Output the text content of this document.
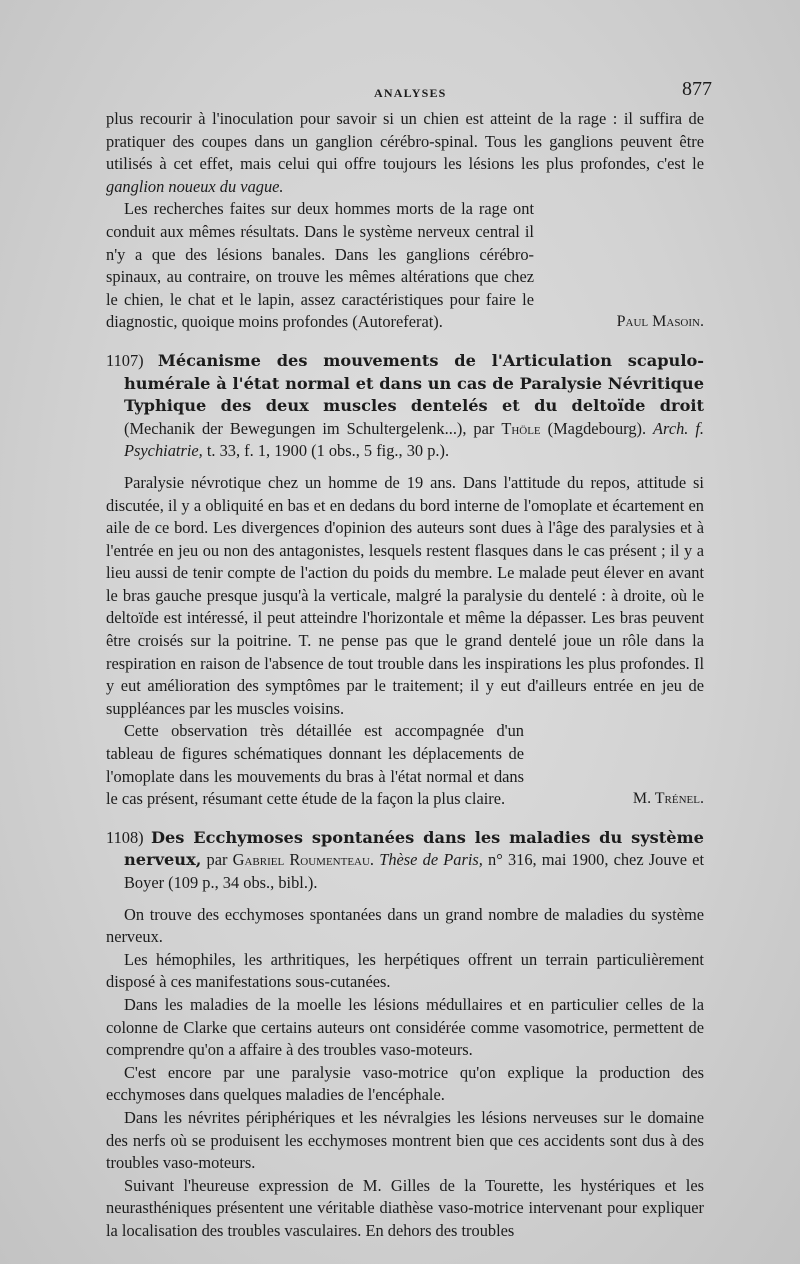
ANALYSES	877

plus recourir à l'inoculation pour savoir si un chien est atteint de la rage : il suffira de pratiquer des coupes dans un ganglion cérébro-spinal. Tous les ganglions peuvent être utilisés à cet effet, mais celui qui offre toujours les lésions les plus profondes, c'est le ganglion noueux du vague.

Les recherches faites sur deux hommes morts de la rage ont conduit aux mêmes résultats. Dans le système nerveux central il n'y a que des lésions banales. Dans les ganglions cérébro-spinaux, au contraire, on trouve les mêmes altérations que chez le chien, le chat et le lapin, assez caractéristiques pour faire le diagnostic, quoique moins profondes (Autoreferat).	Paul Masoin.
1107) Mécanisme des mouvements de l'Articulation scapulo-humérale à l'état normal et dans un cas de Paralysie Névritique Typhique des deux muscles dentelés et du deltoïde droit (Mechanik der Bewegungen im Schultergelenk...), par Thöle (Magdebourg). Arch. f. Psychiatrie, t. 33, f. 1, 1900 (1 obs., 5 fig., 30 p.).

Paralysie névrotique chez un homme de 19 ans. Dans l'attitude du repos, attitude si discutée, il y a obliquité en bas et en dedans du bord interne de l'omoplate et écartement en aile de ce bord. Les divergences d'opinion des auteurs sont dues à l'âge des paralysies et à l'entrée en jeu ou non des antagonistes, lesquels restent flasques dans le cas présent ; il y a lieu aussi de tenir compte de l'action du poids du membre. Le malade peut élever en avant le bras gauche presque jusqu'à la verticale, malgré la paralysie du dentelé : à droite, où le deltoïde est intéressé, il peut atteindre l'horizontale et même la dépasser. Les bras peuvent être croisés sur la poitrine. T. ne pense pas que le grand dentelé joue un rôle dans la respiration en raison de l'absence de tout trouble dans les inspirations les plus profondes. Il y eut amélioration des symptômes par le traitement; il y eut d'ailleurs entrée en jeu de suppléances par les muscles voisins.

Cette observation très détaillée est accompagnée d'un tableau de figures schématiques donnant les déplacements de l'omoplate dans les mouvements du bras à l'état normal et dans le cas présent, résumant cette étude de la façon la plus claire.	M. Trénel.
1108) Des Ecchymoses spontanées dans les maladies du système nerveux, par Gabriel Roumenteau. Thèse de Paris, n° 316, mai 1900, chez Jouve et Boyer (109 p., 34 obs., bibl.).

On trouve des ecchymoses spontanées dans un grand nombre de maladies du système nerveux.

Les hémophiles, les arthritiques, les herpétiques offrent un terrain particulièrement disposé à ces manifestations sous-cutanées.

Dans les maladies de la moelle les lésions médullaires et en particulier celles de la colonne de Clarke que certains auteurs ont considérée comme vasomotrice, permettent de comprendre qu'on a affaire à des troubles vaso-moteurs.

C'est encore par une paralysie vaso-motrice qu'on explique la production des ecchymoses dans quelques maladies de l'encéphale.

Dans les névrites périphériques et les névralgies les lésions nerveuses sur le domaine des nerfs où se produisent les ecchymoses montrent bien que ces accidents sont dus à des troubles vaso-moteurs.

Suivant l'heureuse expression de M. Gilles de la Tourette, les hystériques et les neurasthéniques présentent une véritable diathèse vaso-motrice intervenant pour expliquer la localisation des troubles vasculaires. En dehors des troubles
